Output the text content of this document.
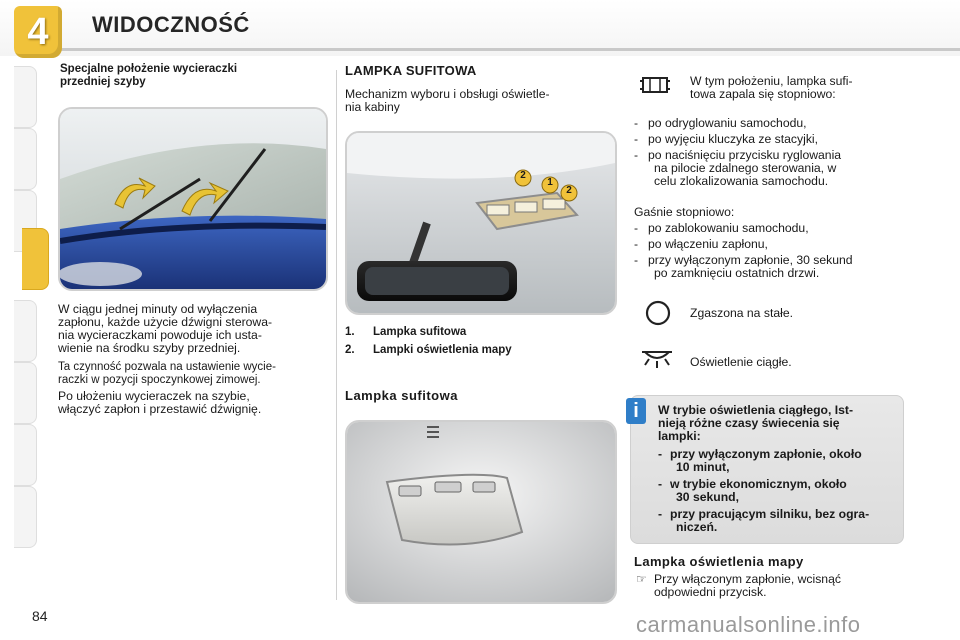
4	WIDOCZNOŚĆ
Specjalne położenie wycieraczki
przedniej szyby
W ciągu jednej minuty od wyłączenia
zapłonu, każde użycie dźwigni sterowa-
nia wycieraczkami powoduje ich usta-
wienie na środku szyby przedniej.
Ta czynność pozwala na ustawienie wycie-
raczki w pozycji spoczynkowej zimowej.
Po ułożeniu wycieraczek na szybie,
włączyć zapłon i przestawić dźwignię.
LAMPKA SUFITOWA
Mechanizm wyboru i obsługi oświetle-
nia kabiny
2
1
2
1. Lampka sufitowa
2. Lampki oświetlenia mapy
Lampka sufitowa
W tym położeniu, lampka sufi-
towa zapala się stopniowo:
- po odryglowaniu samochodu,
- po wyjęciu kluczyka ze stacyjki,
- po naciśnięciu przycisku ryglowania
na pilocie zdalnego sterowania, w
celu zlokalizowania samochodu.
Gaśnie stopniowo:
- po zablokowaniu samochodu,
- po włączeniu zapłonu,
- przy wyłączonym zapłonie, 30 sekund
po zamknięciu ostatnich drzwi.
Zgaszona na stałe.
Oświetlenie ciągłe.
i	W trybie oświetlenia ciągłego, Ist-
nieją różne czasy świecenia się
lampki:
- przy wyłączonym zapłonie, około
10 minut,
- w trybie ekonomicznym, około
30 sekund,
- przy pracującym silniku, bez ogra-
niczeń.
Lampka oświetlenia mapy
☞ Przy włączonym zapłonie, wcisnąć
odpowiedni przycisk.
84	carmanualsonline.info
